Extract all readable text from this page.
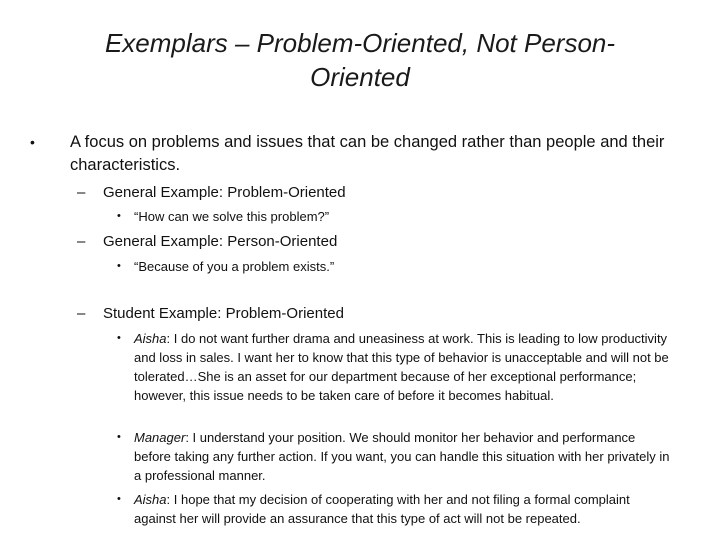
Exemplars – Problem-Oriented, Not Person-Oriented
• A focus on problems and issues that can be changed rather than people and their characteristics.
– General Example: Problem-Oriented
• “How can we solve this problem?”
– General Example: Person-Oriented
• “Because of you a problem exists.”
– Student Example: Problem-Oriented
• Aisha: I do not want further drama and uneasiness at work. This is leading to low productivity and loss in sales. I want her to know that this type of behavior is unacceptable and will not be tolerated…She is an asset for our department because of her exceptional performance; however, this issue needs to be taken care of before it becomes habitual.
• Manager: I understand your position. We should monitor her behavior and performance before taking any further action. If you want, you can handle this situation with her privately in a professional manner.
• Aisha: I hope that my decision of cooperating with her and not filing a formal complaint against her will provide an assurance that this type of act will not be repeated.
